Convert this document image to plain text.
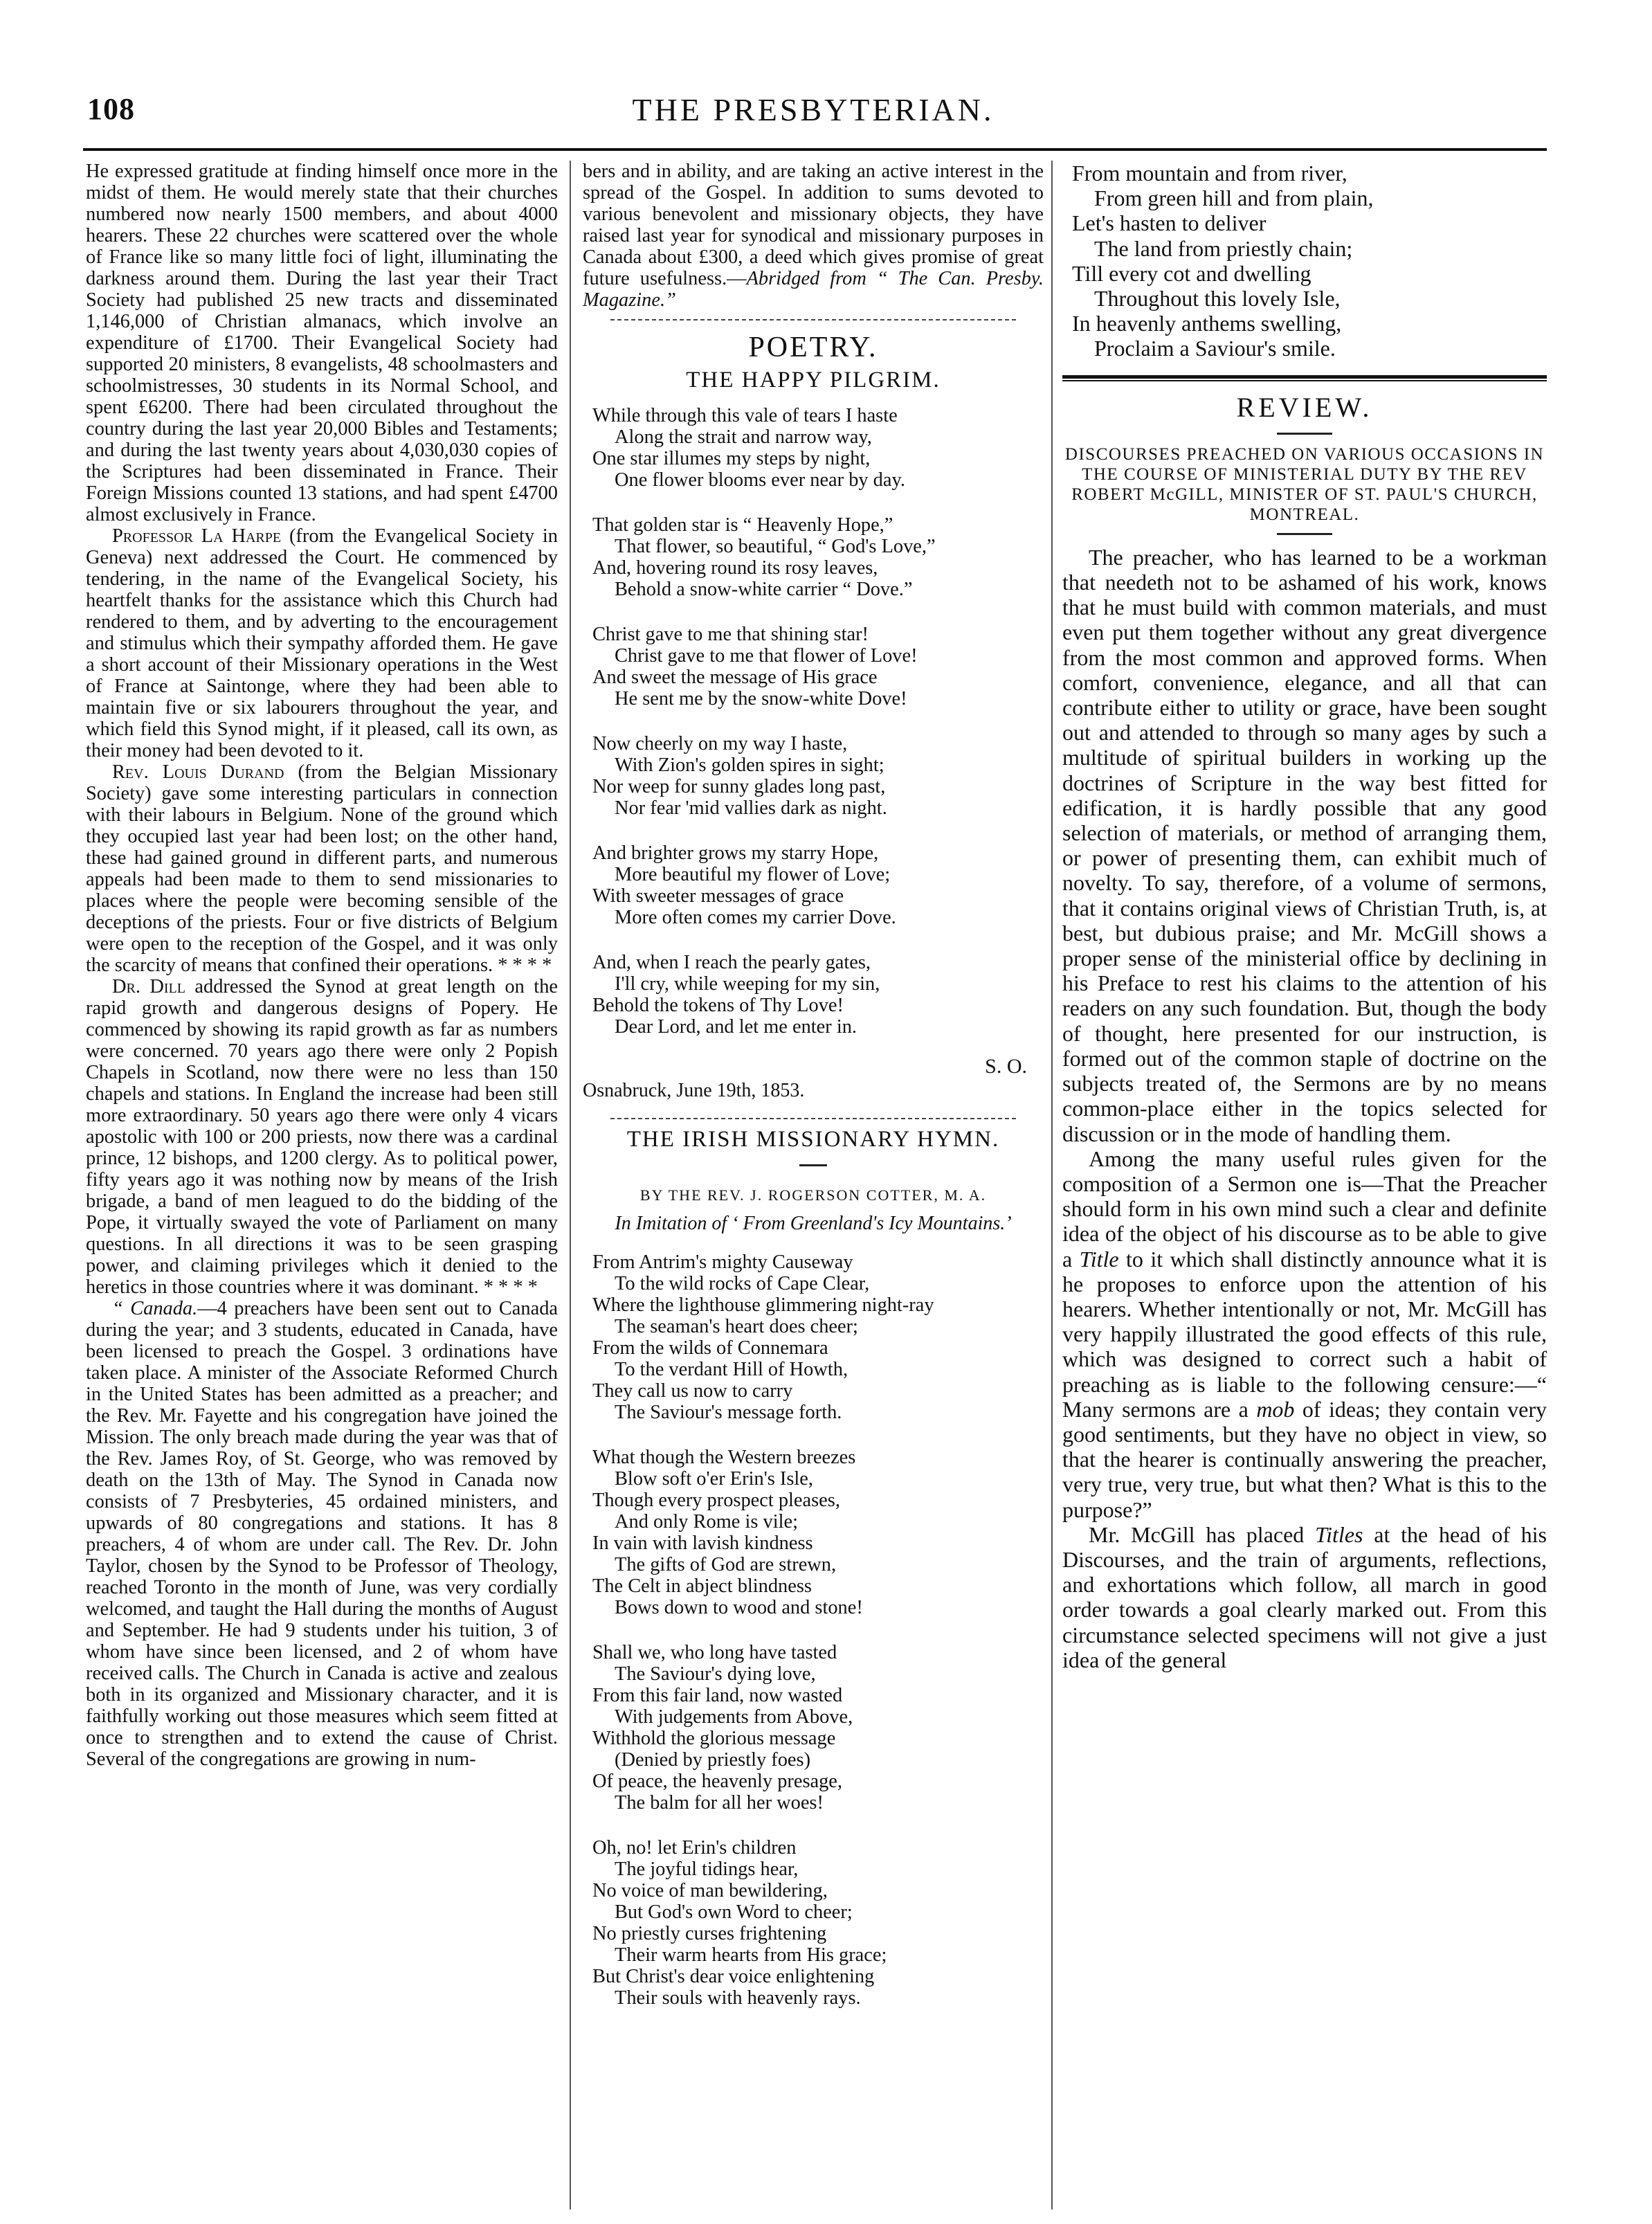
108	THE PRESBYTERIAN.

He expressed gratitude at finding himself once more in the midst of them. He would merely state that their churches numbered now nearly 1500 members, and about 4000 hearers. These 22 churches were scattered over the whole of France like so many little foci of light, illuminating the darkness around them. During the last year their Tract Society had published 25 new tracts and disseminated 1,146,000 of Christian almanacs, which involve an expenditure of £1700. Their Evangelical Society had supported 20 ministers, 8 evangelists, 48 schoolmasters and schoolmistresses, 30 students in its Normal School, and spent £6200. There had been circulated throughout the country during the last year 20,000 Bibles and Testaments; and during the last twenty years about 4,030,030 copies of the Scriptures had been disseminated in France. Their Foreign Missions counted 13 stations, and had spent £4700 almost exclusively in France.

Professor La Harpe (from the Evangelical Society in Geneva) next addressed the Court. He commenced by tendering, in the name of the Evangelical Society, his heartfelt thanks for the assistance which this Church had rendered to them, and by adverting to the encouragement and stimulus which their sympathy afforded them. He gave a short account of their Missionary operations in the West of France at Saintonge, where they had been able to maintain five or six labourers throughout the year, and which field this Synod might, if it pleased, call its own, as their money had been devoted to it.

Rev. Louis Durand (from the Belgian Missionary Society) gave some interesting particulars in connection with their labours in Belgium. None of the ground which they occupied last year had been lost; on the other hand, these had gained ground in different parts, and numerous appeals had been made to them to send missionaries to places where the people were becoming sensible of the deceptions of the priests. Four or five districts of Belgium were open to the reception of the Gospel, and it was only the scarcity of means that confined their operations. * * * *

Dr. Dill addressed the Synod at great length on the rapid growth and dangerous designs of Popery. He commenced by showing its rapid growth as far as numbers were concerned. 70 years ago there were only 2 Popish Chapels in Scotland, now there were no less than 150 chapels and stations. In England the increase had been still more extraordinary. 50 years ago there were only 4 vicars apostolic with 100 or 200 priests, now there was a cardinal prince, 12 bishops, and 1200 clergy. As to political power, fifty years ago it was nothing now by means of the Irish brigade, a band of men leagued to do the bidding of the Pope, it virtually swayed the vote of Parliament on many questions. In all directions it was to be seen grasping power, and claiming privileges which it denied to the heretics in those countries where it was dominant. * * * *

“ Canada.—4 preachers have been sent out to Canada during the year; and 3 students, educated in Canada, have been licensed to preach the Gospel. 3 ordinations have taken place. A minister of the Associate Reformed Church in the United States has been admitted as a preacher; and the Rev. Mr. Fayette and his congregation have joined the Mission. The only breach made during the year was that of the Rev. James Roy, of St. George, who was removed by death on the 13th of May. The Synod in Canada now consists of 7 Presbyteries, 45 ordained ministers, and upwards of 80 congregations and stations. It has 8 preachers, 4 of whom are under call. The Rev. Dr. John Taylor, chosen by the Synod to be Professor of Theology, reached Toronto in the month of June, was very cordially welcomed, and taught the Hall during the months of August and September. He had 9 students under his tuition, 3 of whom have since been licensed, and 2 of whom have received calls. The Church in Canada is active and zealous both in its organized and Missionary character, and it is faithfully working out those measures which seem fitted at once to strengthen and to extend the cause of Christ. Several of the congregations are growing in num-

bers and in ability, and are taking an active interest in the spread of the Gospel. In addition to sums devoted to various benevolent and missionary objects, they have raised last year for synodical and missionary purposes in Canada about £300, a deed which gives promise of great future usefulness.—Abridged from “ The Can. Presby. Magazine.”

POETRY.
THE HAPPY PILGRIM.
While through this vale of tears I haste
Along the strait and narrow way,
One star illumes my steps by night,
One flower blooms ever near by day.
That golden star is “ Heavenly Hope,”
That flower, so beautiful, “ God's Love,”
And, hovering round its rosy leaves,
Behold a snow-white carrier “ Dove.”
Christ gave to me that shining star!
Christ gave to me that flower of Love!
And sweet the message of His grace
He sent me by the snow-white Dove!
Now cheerly on my way I haste,
With Zion's golden spires in sight;
Nor weep for sunny glades long past,
Nor fear 'mid vallies dark as night.
And brighter grows my starry Hope,
More beautiful my flower of Love;
With sweeter messages of grace
More often comes my carrier Dove.
And, when I reach the pearly gates,
I'll cry, while weeping for my sin,
Behold the tokens of Thy Love!
Dear Lord, and let me enter in.
S. O.
Osnabruck, June 19th, 1853.
THE IRISH MISSIONARY HYMN.
BY THE REV. J. ROGERSON COTTER, M. A.
In Imitation of ‘ From Greenland's Icy Mountains.’
From Antrim's mighty Causeway
To the wild rocks of Cape Clear,
Where the lighthouse glimmering night-ray
The seaman's heart does cheer;
From the wilds of Connemara
To the verdant Hill of Howth,
They call us now to carry
The Saviour's message forth.
What though the Western breezes
Blow soft o'er Erin's Isle,
Though every prospect pleases,
And only Rome is vile;
In vain with lavish kindness
The gifts of God are strewn,
The Celt in abject blindness
Bows down to wood and stone!
Shall we, who long have tasted
The Saviour's dying love,
From this fair land, now wasted
With judgements from Above,
Withhold the glorious message
(Denied by priestly foes)
Of peace, the heavenly presage,
The balm for all her woes!
Oh, no! let Erin's children
The joyful tidings hear,
No voice of man bewildering,
But God's own Word to cheer;
No priestly curses frightening
Their warm hearts from His grace;
But Christ's dear voice enlightening
Their souls with heavenly rays.
From mountain and from river,
From green hill and from plain,
Let's hasten to deliver
The land from priestly chain;
Till every cot and dwelling
Throughout this lovely Isle,
In heavenly anthems swelling,
Proclaim a Saviour's smile.
REVIEW.
DISCOURSES PREACHED ON VARIOUS OCCASIONS IN THE COURSE OF MINISTERIAL DUTY BY THE REV ROBERT McGILL, MINISTER OF ST. PAUL'S CHURCH, MONTREAL.

The preacher, who has learned to be a workman that needeth not to be ashamed of his work, knows that he must build with common materials, and must even put them together without any great divergence from the most common and approved forms. When comfort, convenience, elegance, and all that can contribute either to utility or grace, have been sought out and attended to through so many ages by such a multitude of spiritual builders in working up the doctrines of Scripture in the way best fitted for edification, it is hardly possible that any good selection of materials, or method of arranging them, or power of presenting them, can exhibit much of novelty. To say, therefore, of a volume of sermons, that it contains original views of Christian Truth, is, at best, but dubious praise; and Mr. McGill shows a proper sense of the ministerial office by declining in his Preface to rest his claims to the attention of his readers on any such foundation. But, though the body of thought, here presented for our instruction, is formed out of the common staple of doctrine on the subjects treated of, the Sermons are by no means common-place either in the topics selected for discussion or in the mode of handling them.

Among the many useful rules given for the composition of a Sermon one is—That the Preacher should form in his own mind such a clear and definite idea of the object of his discourse as to be able to give a Title to it which shall distinctly announce what it is he proposes to enforce upon the attention of his hearers. Whether intentionally or not, Mr. McGill has very happily illustrated the good effects of this rule, which was designed to correct such a habit of preaching as is liable to the following censure:—“ Many sermons are a mob of ideas; they contain very good sentiments, but they have no object in view, so that the hearer is continually answering the preacher, very true, very true, but what then? What is this to the purpose?”

Mr. McGill has placed Titles at the head of his Discourses, and the train of arguments, reflections, and exhortations which follow, all march in good order towards a goal clearly marked out. From this circumstance selected specimens will not give a just idea of the general
